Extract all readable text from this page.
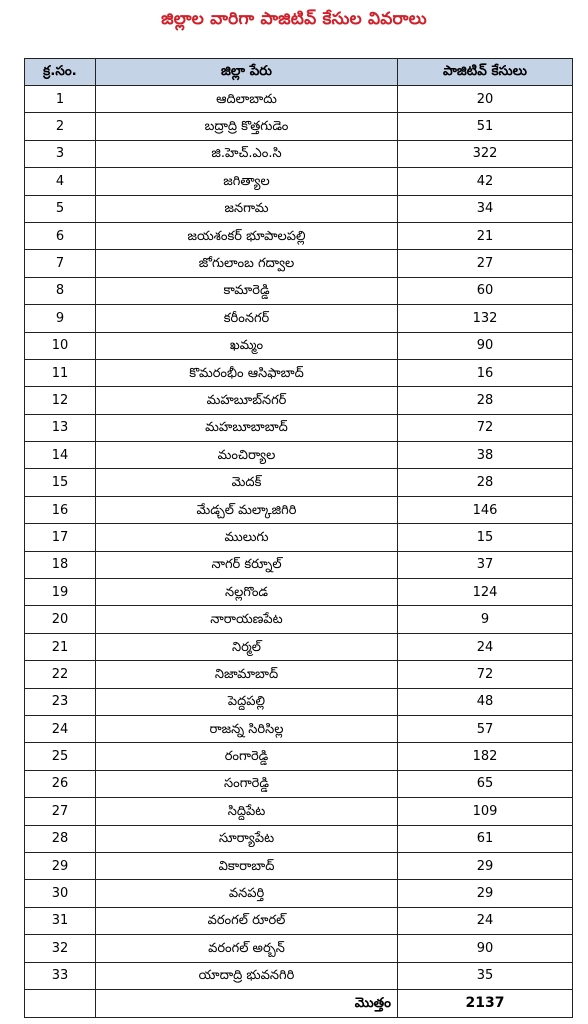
జిల్లాల వారిగా పాజిటివ్ కేసుల వివరాలు
క్ర.సం.	జిల్లా పేరు	పాజిటివ్ కేసులు
1	ఆదిలాబాదు	20
2	బద్రాద్రి కొత్తగుడెం	51
3	జి.హెచ్.ఎం.సి	322
4	జగిత్యాల	42
5	జనగామ	34
6	జయశంకర్ భూపాలపల్లి	21
7	జోగులాంబ గద్వాల	27
8	కామారెడ్డి	60
9	కరీంనగర్	132
10	ఖమ్మం	90
11	కొమరంభీం ఆసిఫాబాద్	16
12	మహబూబ్‌నగర్	28
13	మహబూబాబాద్	72
14	మంచిర్యాల	38
15	మెదక్	28
16	మేడ్చల్ మల్కాజిగిరి	146
17	ములుగు	15
18	నాగర్ కర్నూల్	37
19	నల్లగొండ	124
20	నారాయణపేట	9
21	నిర్మల్	24
22	నిజామాబాద్	72
23	పెద్దపల్లి	48
24	రాజన్న సిరిసిల్ల	57
25	రంగారెడ్డి	182
26	సంగారెడ్డి	65
27	సిద్దిపేట	109
28	సూర్యాపేట	61
29	వికారాబాద్	29
30	వనపర్తి	29
31	వరంగల్ రూరల్	24
32	వరంగల్ అర్బన్	90
33	యాదాద్రి భువనగిరి	35
	మొత్తం	2137
